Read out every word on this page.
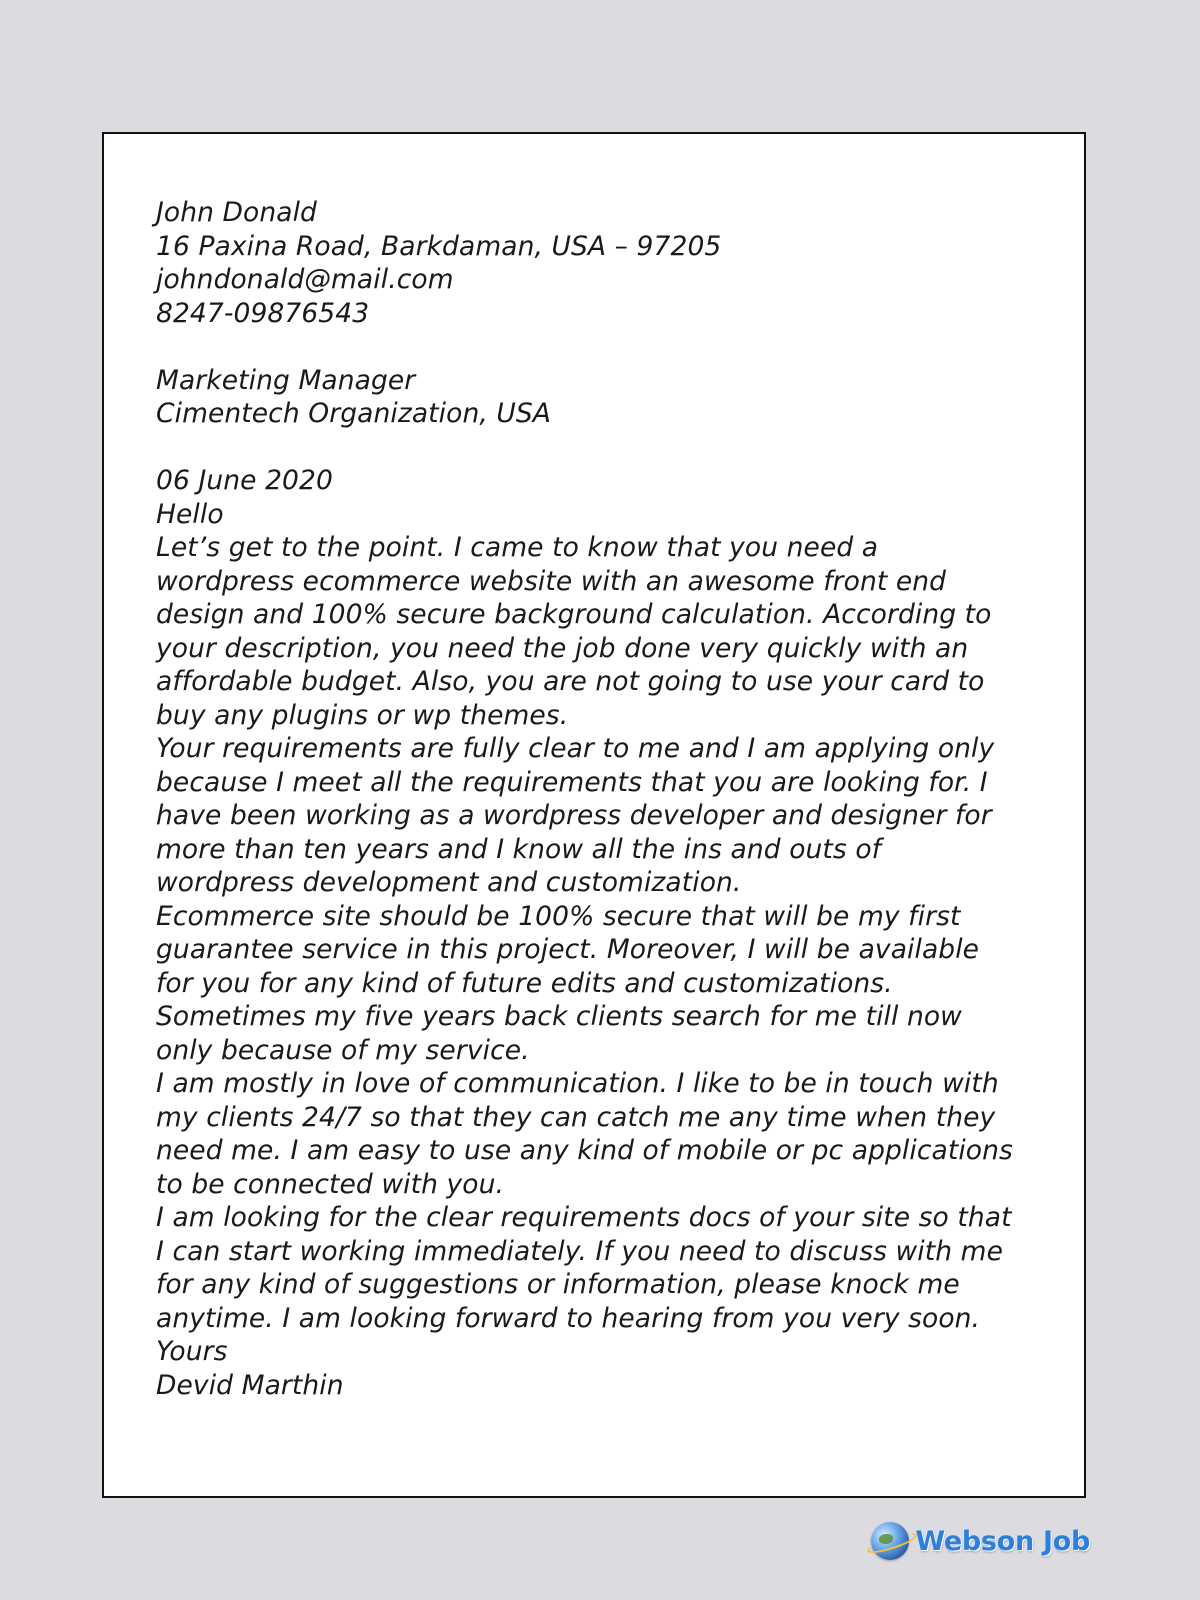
John Donald
16 Paxina Road, Barkdaman, USA – 97205
johndonald@mail.com
8247-09876543
Marketing Manager
Cimentech Organization, USA
06 June 2020
Hello
Let’s get to the point. I came to know that you need a
wordpress ecommerce website with an awesome front end
design and 100% secure background calculation. According to
your description, you need the job done very quickly with an
affordable budget. Also, you are not going to use your card to
buy any plugins or wp themes.
Your requirements are fully clear to me and I am applying only
because I meet all the requirements that you are looking for. I
have been working as a wordpress developer and designer for
more than ten years and I know all the ins and outs of
wordpress development and customization.
Ecommerce site should be 100% secure that will be my first
guarantee service in this project. Moreover, I will be available
for you for any kind of future edits and customizations.
Sometimes my five years back clients search for me till now
only because of my service.
I am mostly in love of communication. I like to be in touch with
my clients 24/7 so that they can catch me any time when they
need me. I am easy to use any kind of mobile or pc applications
to be connected with you.
I am looking for the clear requirements docs of your site so that
I can start working immediately. If you need to discuss with me
for any kind of suggestions or information, please knock me
anytime. I am looking forward to hearing from you very soon.
Yours
Devid Marthin
Webson Job
